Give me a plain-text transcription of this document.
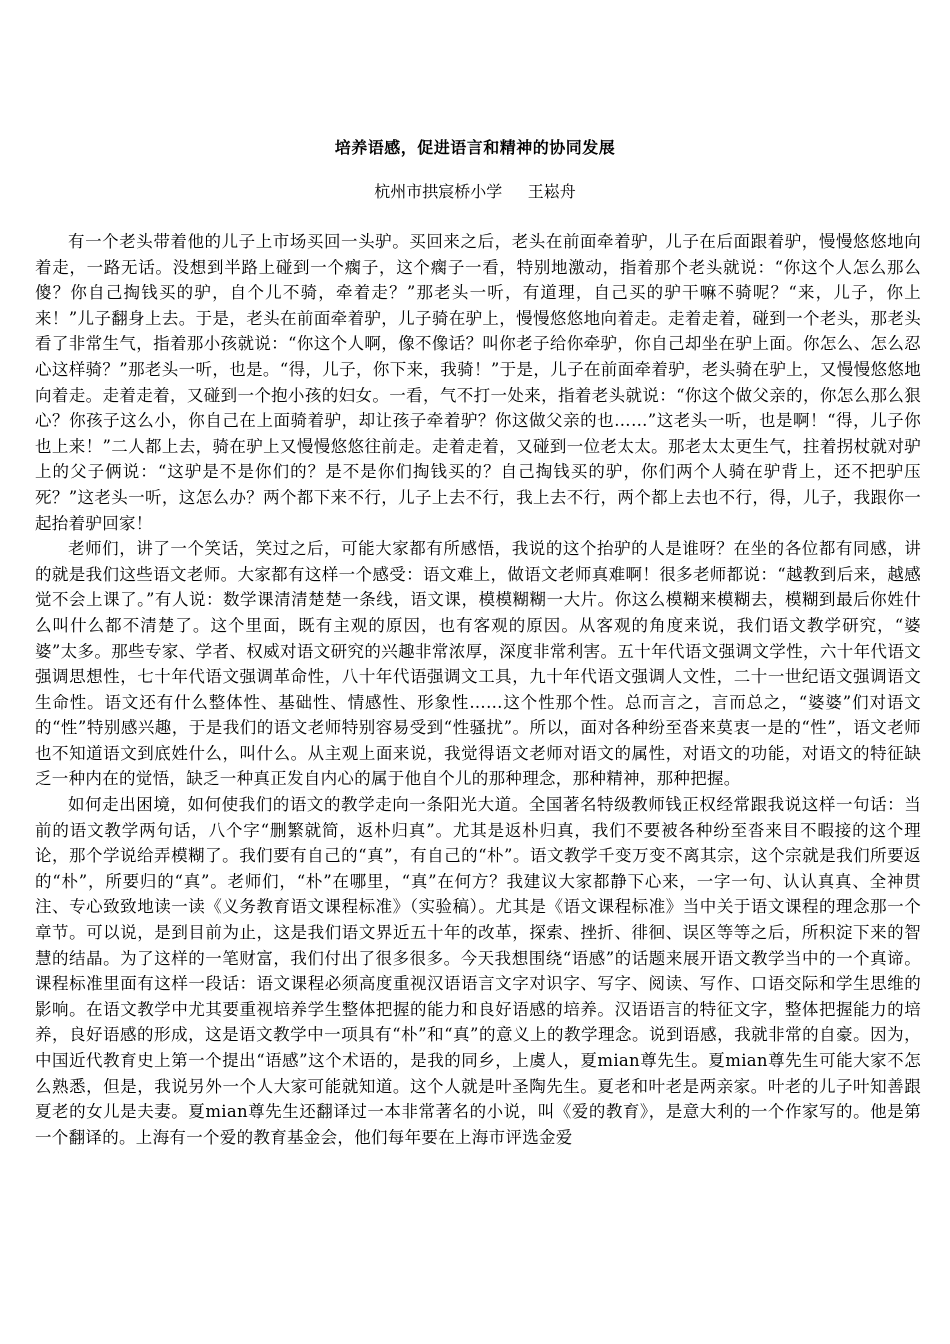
培养语感，促进语言和精神的协同发展
杭州市拱宸桥小学     王崧舟

有一个老头带着他的儿子上市场买回一头驴。买回来之后，老头在前面牵着驴，儿子在后面跟着驴，慢慢悠悠地向着走，一路无话。没想到半路上碰到一个瘸子，这个瘸子一看，特别地激动，指着那个老头就说：“你这个人怎么那么傻？你自己掏钱买的驴，自个儿不骑，牵着走？”那老头一听，有道理，自己买的驴干嘛不骑呢？“来，儿子，你上来！”儿子翻身上去。于是，老头在前面牵着驴，儿子骑在驴上，慢慢悠悠地向着走。走着走着，碰到一个老头，那老头看了非常生气，指着那小孩就说：“你这个人啊，像不像话？叫你老子给你牵驴，你自己却坐在驴上面。你怎么、怎么忍心这样骑？”那老头一听，也是。“得，儿子，你下来，我骑！”于是，儿子在前面牵着驴，老头骑在驴上，又慢慢悠悠地向着走。走着走着，又碰到一个抱小孩的妇女。一看，气不打一处来，指着老头就说：“你这个做父亲的，你怎么那么狠心？你孩子这么小，你自己在上面骑着驴，却让孩子牵着驴？你这做父亲的也……”这老头一听，也是啊！“得，儿子你也上来！”二人都上去，骑在驴上又慢慢悠悠往前走。走着走着，又碰到一位老太太。那老太太更生气，拄着拐杖就对驴上的父子俩说：“这驴是不是你们的？是不是你们掏钱买的？自己掏钱买的驴，你们两个人骑在驴背上，还不把驴压死？”这老头一听，这怎么办？两个都下来不行，儿子上去不行，我上去不行，两个都上去也不行，得，儿子，我跟你一起抬着驴回家！

老师们，讲了一个笑话，笑过之后，可能大家都有所感悟，我说的这个抬驴的人是谁呀？在坐的各位都有同感，讲的就是我们这些语文老师。大家都有这样一个感受：语文难上，做语文老师真难啊！很多老师都说：“越教到后来，越感觉不会上课了。”有人说：数学课清清楚楚一条线，语文课，模模糊糊一大片。你这么模糊来模糊去，模糊到最后你姓什么叫什么都不清楚了。这个里面，既有主观的原因，也有客观的原因。从客观的角度来说，我们语文教学研究，“婆婆”太多。那些专家、学者、权威对语文研究的兴趣非常浓厚，深度非常利害。五十年代语文强调文学性，六十年代语文强调思想性，七十年代语文强调革命性，八十年代语强调文工具，九十年代语文强调人文性，二十一世纪语文强调语文生命性。语文还有什么整体性、基础性、情感性、形象性……这个性那个性。总而言之，言而总之，“婆婆”们对语文的“性”特别感兴趣，于是我们的语文老师特别容易受到“性骚扰”。所以，面对各种纷至沓来莫衷一是的“性”，语文老师也不知道语文到底姓什么，叫什么。从主观上面来说，我觉得语文老师对语文的属性，对语文的功能，对语文的特征缺乏一种内在的觉悟，缺乏一种真正发自内心的属于他自个儿的那种理念，那种精神，那种把握。

如何走出困境，如何使我们的语文的教学走向一条阳光大道。全国著名特级教师钱正权经常跟我说这样一句话：当前的语文教学两句话，八个字“删繁就简，返朴归真”。尤其是返朴归真，我们不要被各种纷至沓来目不暇接的这个理论，那个学说给弄模糊了。我们要有自己的“真”，有自己的“朴”。语文教学千变万变不离其宗，这个宗就是我们所要返的“朴”，所要归的“真”。老师们，“朴”在哪里，“真”在何方？我建议大家都静下心来，一字一句、认认真真、全神贯注、专心致致地读一读《义务教育语文课程标准》（实验稿）。尤其是《语文课程标准》当中关于语文课程的理念那一个章节。可以说，是到目前为止，这是我们语文界近五十年的改革，探索、挫折、徘徊、误区等等之后，所积淀下来的智慧的结晶。为了这样的一笔财富，我们付出了很多很多。今天我想围绕“语感”的话题来展开语文教学当中的一个真谛。课程标准里面有这样一段话：语文课程必须高度重视汉语语言文字对识字、写字、阅读、写作、口语交际和学生思维的影响。在语文教学中尤其要重视培养学生整体把握的能力和良好语感的培养。汉语语言的特征文字，整体把握能力的培养，良好语感的形成，这是语文教学中一项具有“朴”和“真”的意义上的教学理念。说到语感，我就非常的自豪。因为，中国近代教育史上第一个提出“语感”这个术语的，是我的同乡，上虞人，夏mian尊先生。夏mian尊先生可能大家不怎么熟悉，但是，我说另外一个人大家可能就知道。这个人就是叶圣陶先生。夏老和叶老是两亲家。叶老的儿子叶知善跟夏老的女儿是夫妻。夏mian尊先生还翻译过一本非常著名的小说，叫《爱的教育》，是意大利的一个作家写的。他是第一个翻译的。上海有一个爱的教育基金会，他们每年要在上海市评选金爱
